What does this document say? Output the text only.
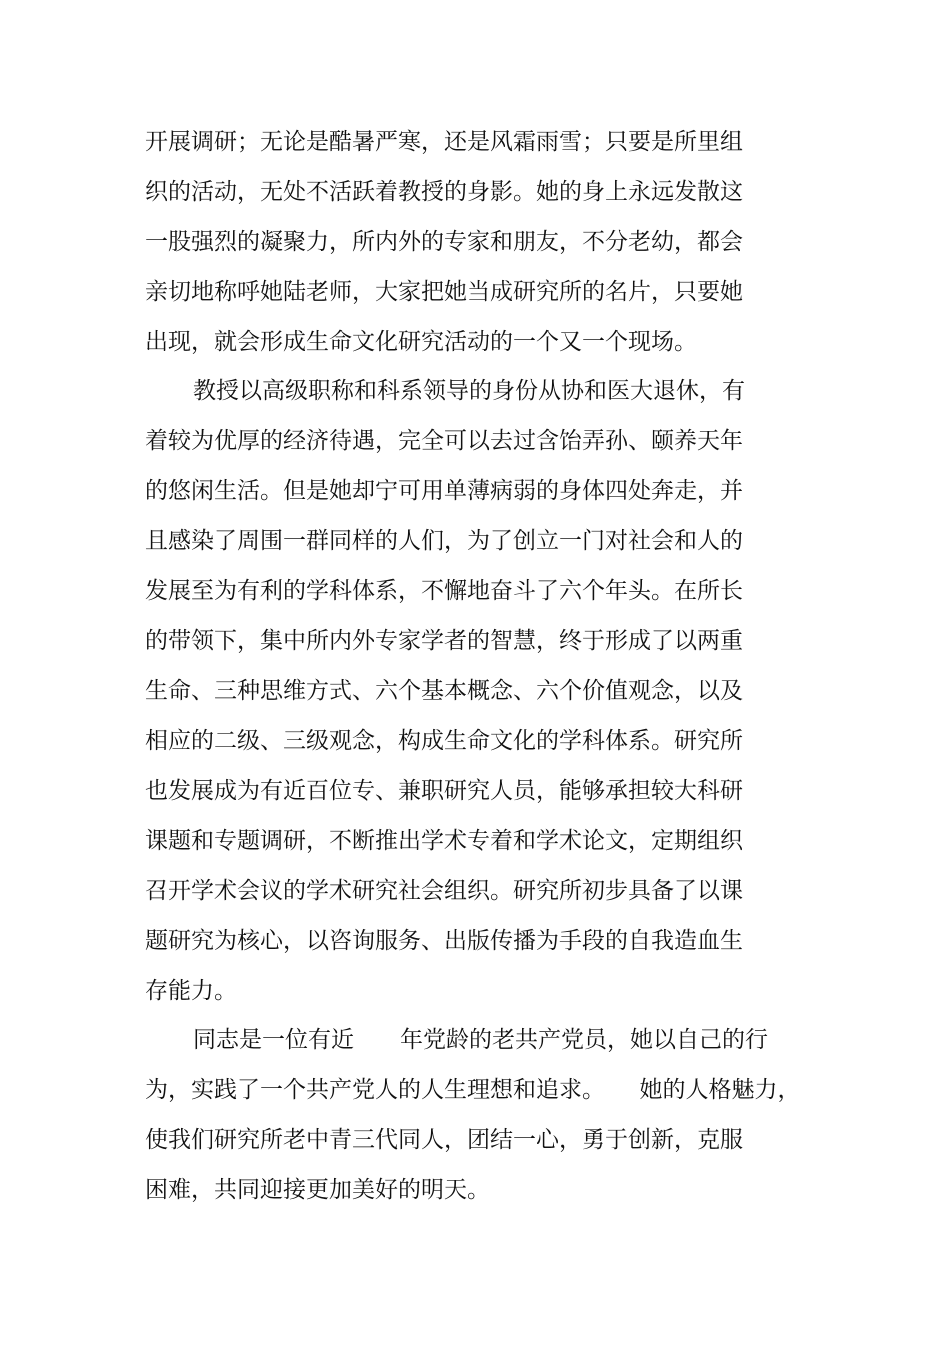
开展调研；无论是酷暑严寒，还是风霜雨雪；只要是所里组
织的活动，无处不活跃着教授的身影。她的身上永远发散这
一股强烈的凝聚力，所内外的专家和朋友，不分老幼，都会
亲切地称呼她陆老师，大家把她当成研究所的名片，只要她
出现，就会形成生命文化研究活动的一个又一个现场。
教授以高级职称和科系领导的身份从协和医大退休，有
着较为优厚的经济待遇，完全可以去过含饴弄孙、颐养天年
的悠闲生活。但是她却宁可用单薄病弱的身体四处奔走，并
且感染了周围一群同样的人们，为了创立一门对社会和人的
发展至为有利的学科体系，不懈地奋斗了六个年头。在所长
的带领下，集中所内外专家学者的智慧，终于形成了以两重
生命、三种思维方式、六个基本概念、六个价值观念，以及
相应的二级、三级观念，构成生命文化的学科体系。研究所
也发展成为有近百位专、兼职研究人员，能够承担较大科研
课题和专题调研，不断推出学术专着和学术论文，定期组织
召开学术会议的学术研究社会组织。研究所初步具备了以课
题研究为核心，以咨询服务、出版传播为手段的自我造血生
存能力。
同志是一位有近　　年党龄的老共产党员，她以自己的行
为，实践了一个共产党人的人生理想和追求。　　她的人格魅力，
使我们研究所老中青三代同人，团结一心，勇于创新，克服
困难，共同迎接更加美好的明天。
